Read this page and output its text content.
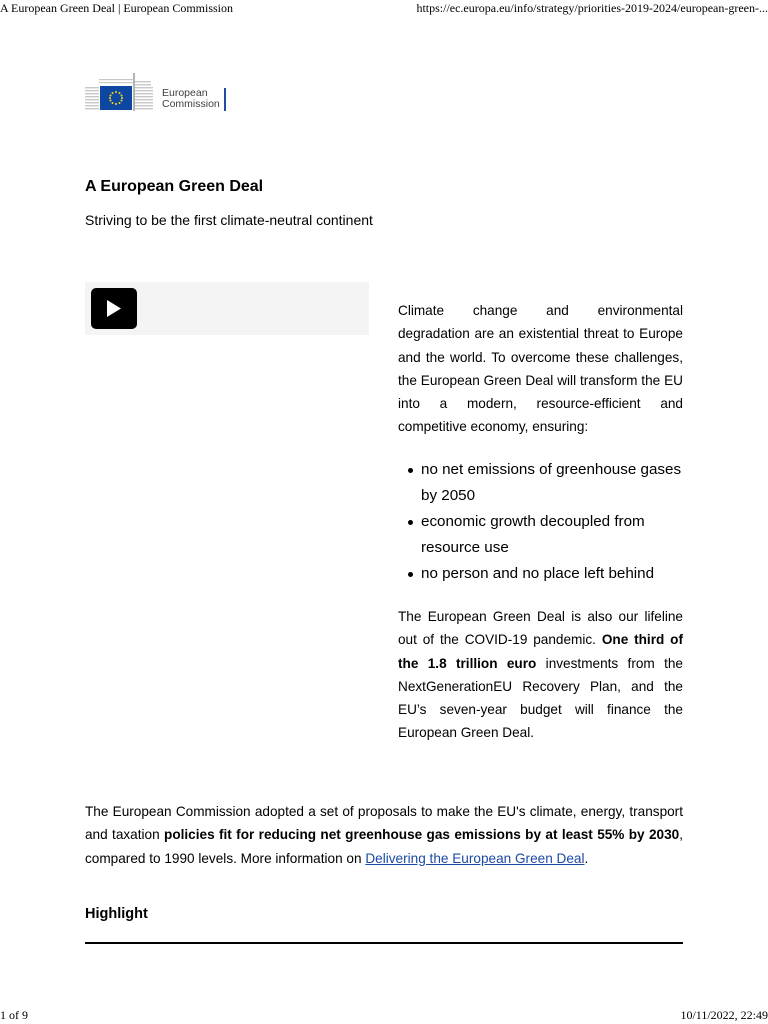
A European Green Deal | European Commission	https://ec.europa.eu/info/strategy/priorities-2019-2024/european-green-...
European
Commission
A European Green Deal
Striving to be the first climate-neutral continent

Climate change and environmental degradation are an existential threat to Europe and the world. To overcome these challenges, the European Green Deal will transform the EU into a modern, resource-efficient and competitive economy, ensuring:

no net emissions of greenhouse gases by 2050
economic growth decoupled from resource use
no person and no place left behind

The European Green Deal is also our lifeline out of the COVID-19 pandemic. One third of the 1.8 trillion euro investments from the NextGenerationEU Recovery Plan, and the EU’s seven-year budget will finance the European Green Deal.

The European Commission adopted a set of proposals to make the EU's climate, energy, transport and taxation policies fit for reducing net greenhouse gas emissions by at least 55% by 2030, compared to 1990 levels. More information on Delivering the European Green Deal.

Highlight
1 of 9	10/11/2022, 22:49
